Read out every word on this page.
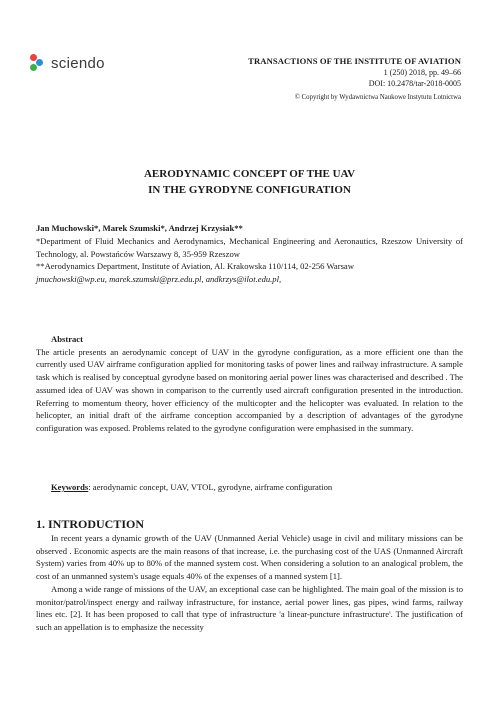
sciendo	TRANSACTIONS OF THE INSTITUTE OF AVIATION
1 (250) 2018, pp. 49–66
DOI: 10.2478/tar-2018-0005
© Copyright by Wydawnictwa Naukowe Instytutu Lotnictwa
AERODYNAMIC CONCEPT OF THE UAV
IN THE GYRODYNE CONFIGURATION
Jan Muchowski*, Marek Szumski*, Andrzej Krzysiak**
*Department of Fluid Mechanics and Aerodynamics, Mechanical Engineering and Aeronautics, Rzeszow University of Technology, al. Powstańców Warszawy 8, 35-959 Rzeszow
**Aerodynamics Department, Institute of Aviation, Al. Krakowska 110/114, 02-256 Warsaw
jmuchowski@wp.eu, marek.szumski@prz.edu.pl, andkrzys@ilot.edu.pl,
Abstract
The article presents an aerodynamic concept of UAV in the gyrodyne configuration, as a more efficient one than the currently used UAV airframe configuration applied for monitoring tasks of power lines and railway infrastructure. A sample task which is realised by conceptual gyrodyne based on monitoring aerial power lines was characterised and described . The assumed idea of UAV was shown in comparison to the currently used aircraft configuration presented in the introduction. Referring to momentum theory, hover efficiency of the multicopter and the helicopter was evaluated. In relation to the helicopter, an initial draft of the airframe conception accompanied by a description of advantages of the gyrodyne configuration was exposed. Problems related to the gyrodyne configuration were emphasised in the summary.
Keywords: aerodynamic concept, UAV, VTOL, gyrodyne, airframe configuration
1. INTRODUCTION

In recent years a dynamic growth of the UAV (Unmanned Aerial Vehicle) usage in civil and military missions can be observed . Economic aspects are the main reasons of that increase, i.e. the purchasing cost of the UAS (Unmanned Aircraft System) varies from 40% up to 80% of the manned system cost. When considering a solution to an analogical problem, the cost of an unmanned system's usage equals 40% of the expenses of a manned system [1].

Among a wide range of missions of the UAV, an exceptional case can be highlighted. The main goal of the mission is to monitor/patrol/inspect energy and railway infrastructure, for instance, aerial power lines, gas pipes, wind farms, railway lines etc. [2]. It has been proposed to call that type of infrastructure 'a linear-puncture infrastructure'. The justification of such an appellation is to emphasize the necessity
